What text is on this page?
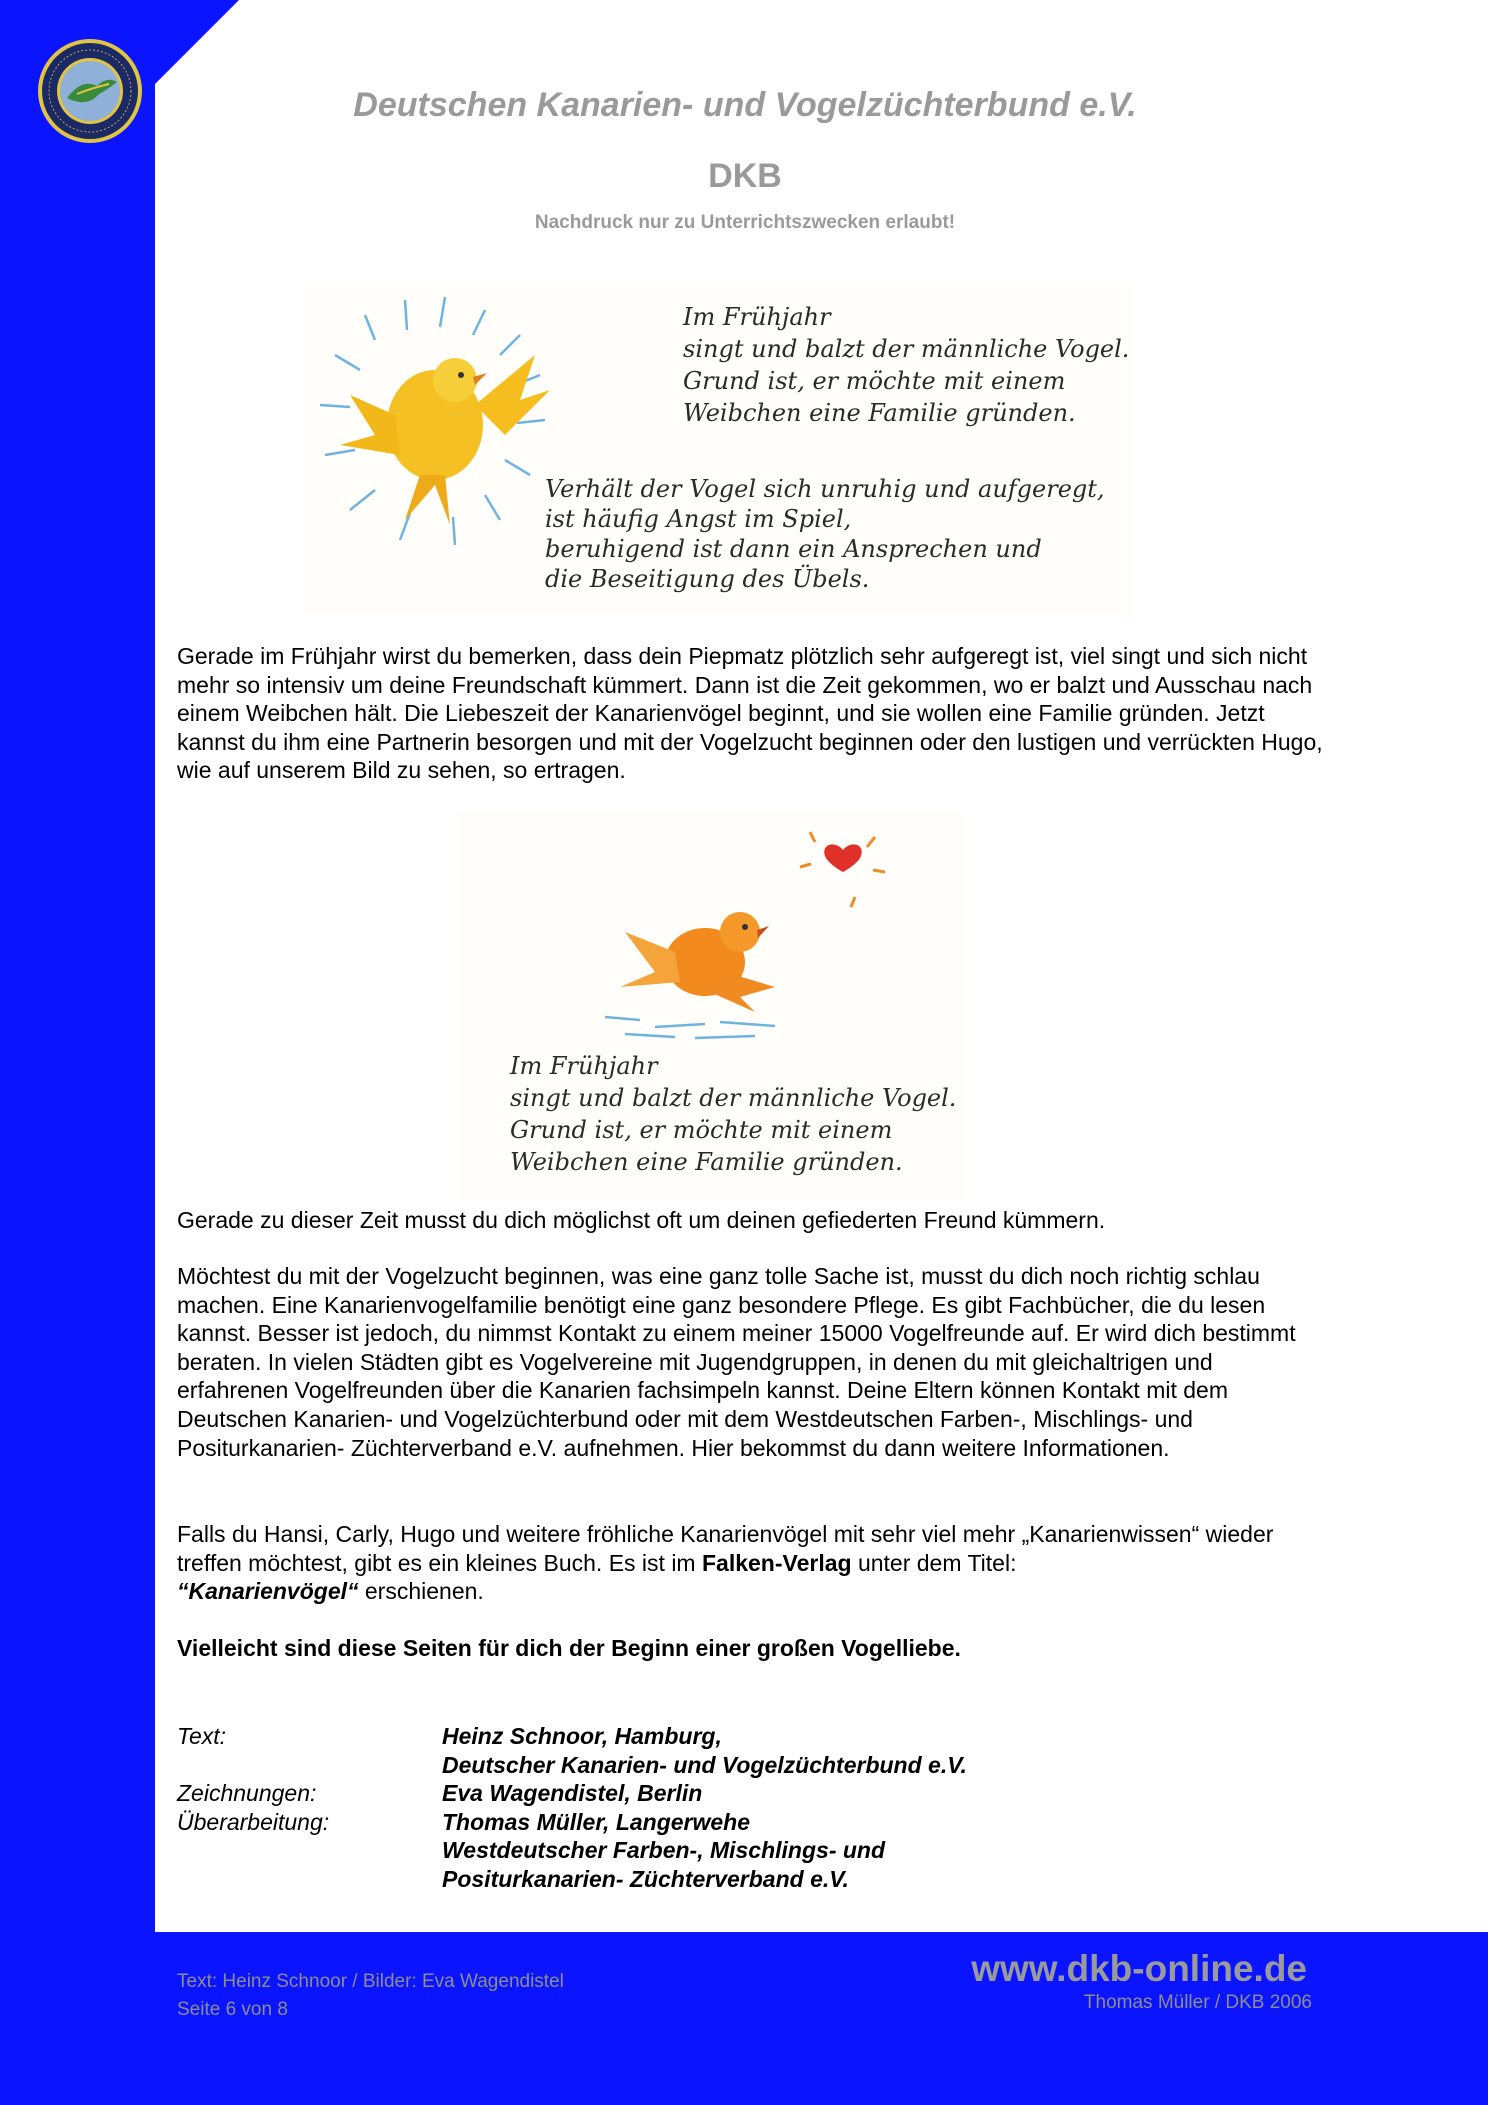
Deutschen Kanarien- und Vogelzüchterbund e.V.
DKB
Nachdruck nur zu Unterrichtszwecken erlaubt!
Im Frühjahr
singt und balzt der männliche Vogel.
Grund ist, er möchte mit einem
Weibchen eine Familie gründen.
Verhält der Vogel sich unruhig und aufgeregt,
ist häufig Angst im Spiel,
beruhigend ist dann ein Ansprechen und
die Beseitigung des Übels.
Gerade im Frühjahr wirst du bemerken, dass dein Piepmatz plötzlich sehr aufgeregt ist, viel singt und sich nicht mehr so intensiv um deine Freundschaft kümmert. Dann ist die Zeit gekommen, wo er balzt und Ausschau nach einem Weibchen hält. Die Liebeszeit der Kanarienvögel beginnt, und sie wollen eine Familie gründen. Jetzt kannst du ihm eine Partnerin besorgen und mit der Vogelzucht beginnen oder den lustigen und verrückten Hugo, wie auf unserem Bild zu sehen, so ertragen.
Im Frühjahr
singt und balzt der männliche Vogel.
Grund ist, er möchte mit einem
Weibchen eine Familie gründen.
Gerade zu dieser Zeit musst du dich möglichst oft um deinen gefiederten Freund kümmern.
Möchtest du mit der Vogelzucht beginnen, was eine ganz tolle Sache ist, musst du dich noch richtig schlau machen. Eine Kanarienvogelfamilie benötigt eine ganz besondere Pflege. Es gibt Fachbücher, die du lesen kannst. Besser ist jedoch, du nimmst Kontakt zu einem meiner 15000 Vogelfreunde auf. Er wird dich bestimmt beraten. In vielen Städten gibt es Vogelvereine mit Jugendgruppen, in denen du mit gleichaltrigen und erfahrenen Vogelfreunden über die Kanarien fachsimpeln kannst. Deine Eltern können Kontakt mit dem Deutschen Kanarien- und Vogelzüchterbund oder mit dem Westdeutschen Farben-, Mischlings- und Positurkanarien- Züchterverband e.V. aufnehmen. Hier bekommst du dann weitere Informationen.
Falls du Hansi, Carly, Hugo und weitere fröhliche Kanarienvögel mit sehr viel mehr „Kanarienwissen“ wieder treffen möchtest, gibt es ein kleines Buch. Es ist im Falken-Verlag unter dem Titel:
“Kanarienvögel“ erschienen.
Vielleicht sind diese Seiten für dich der Beginn einer großen Vogelliebe.
Text:	Heinz Schnoor, Hamburg,
Deutscher Kanarien- und Vogelzüchterbund e.V.
Zeichnungen:	Eva Wagendistel, Berlin
Überarbeitung:	Thomas Müller, Langerwehe
Westdeutscher Farben-, Mischlings- und
Positurkanarien- Züchterverband e.V.
Text: Heinz Schnoor / Bilder: Eva Wagendistel
Seite 6 von 8
www.dkb-online.de
Thomas Müller / DKB 2006
